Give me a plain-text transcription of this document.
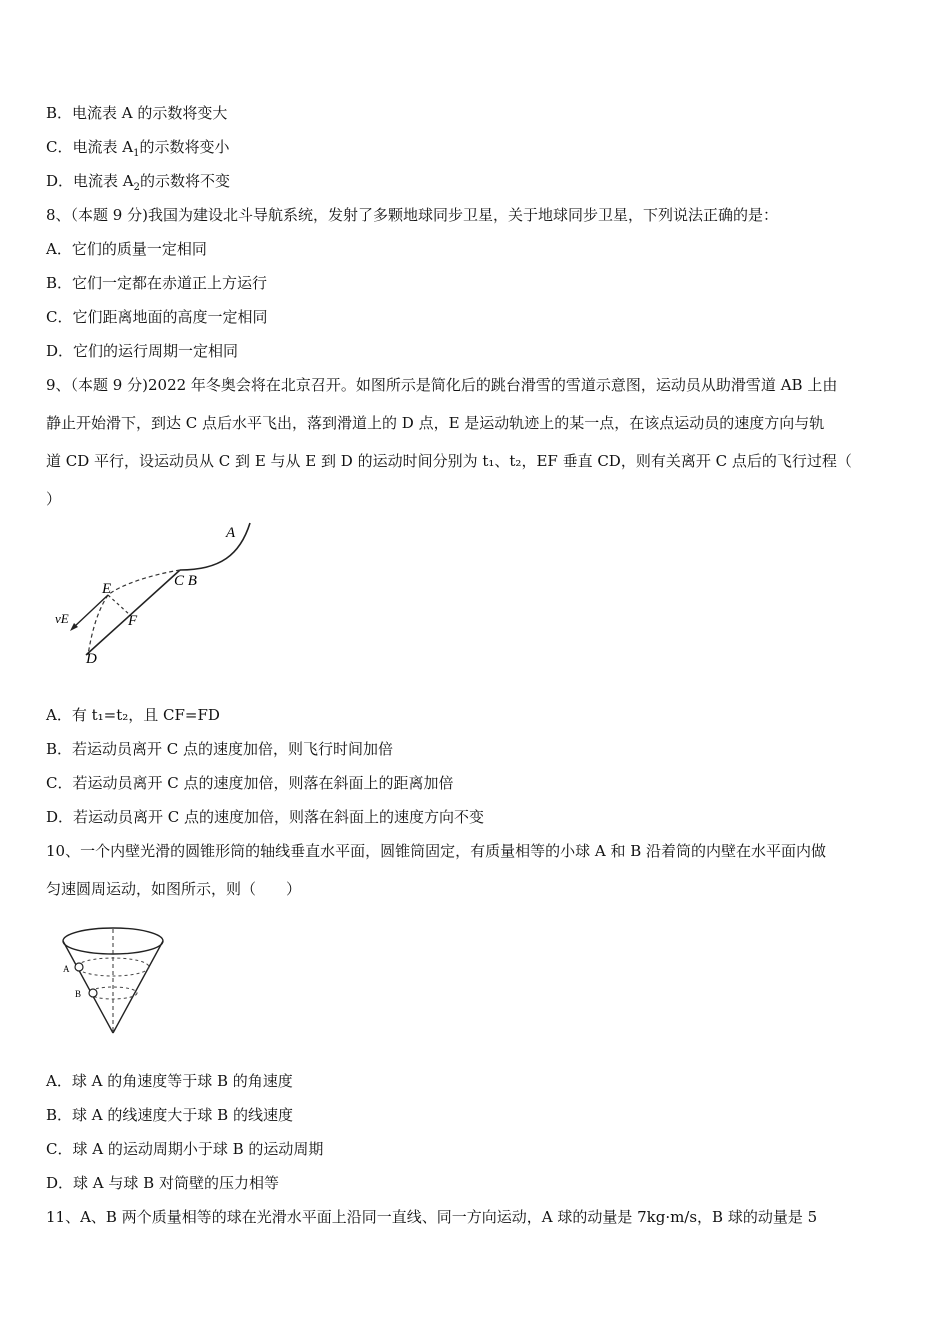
B．电流表 A 的示数将变大
C．电流表 $A_1$的示数将变小
D．电流表 $A_2$的示数将不变
8、（本题 9 分)我国为建设北斗导航系统，发射了多颗地球同步卫星，关于地球同步卫星，下列说法正确的是：
A．它们的质量一定相同
B．它们一定都在赤道正上方运行
C．它们距离地面的高度一定相同
D．它们的运行周期一定相同
9、（本题 9 分)2022 年冬奥会将在北京召开。如图所示是简化后的跳台滑雪的雪道示意图，运动员从助滑雪道 AB 上由
静止开始滑下，到达 C 点后水平飞出，落到滑道上的 D 点，E 是运动轨迹上的某一点，在该点运动员的速度方向与轨
道 CD 平行，设运动员从 C 到 E 与从 E 到 D 的运动时间分别为 t₁、t₂，EF 垂直 CD，则有关离开 C 点后的飞行过程（
）
A
C B
E
F
D
vE
A．有 t₁=t₂，且 CF=FD
B．若运动员离开 C 点的速度加倍，则飞行时间加倍
C．若运动员离开 C 点的速度加倍，则落在斜面上的距离加倍
D．若运动员离开 C 点的速度加倍，则落在斜面上的速度方向不变
10、一个内壁光滑的圆锥形筒的轴线垂直水平面，圆锥筒固定，有质量相等的小球 A 和 B 沿着筒的内壁在水平面内做
匀速圆周运动，如图所示，则（　　）
A
B
A．球 A 的角速度等于球 B 的角速度
B．球 A 的线速度大于球 B 的线速度
C．球 A 的运动周期小于球 B 的运动周期
D．球 A 与球 B 对筒壁的压力相等
11、A、B 两个质量相等的球在光滑水平面上沿同一直线、同一方向运动，A 球的动量是 7kg·m/s，B 球的动量是 5
